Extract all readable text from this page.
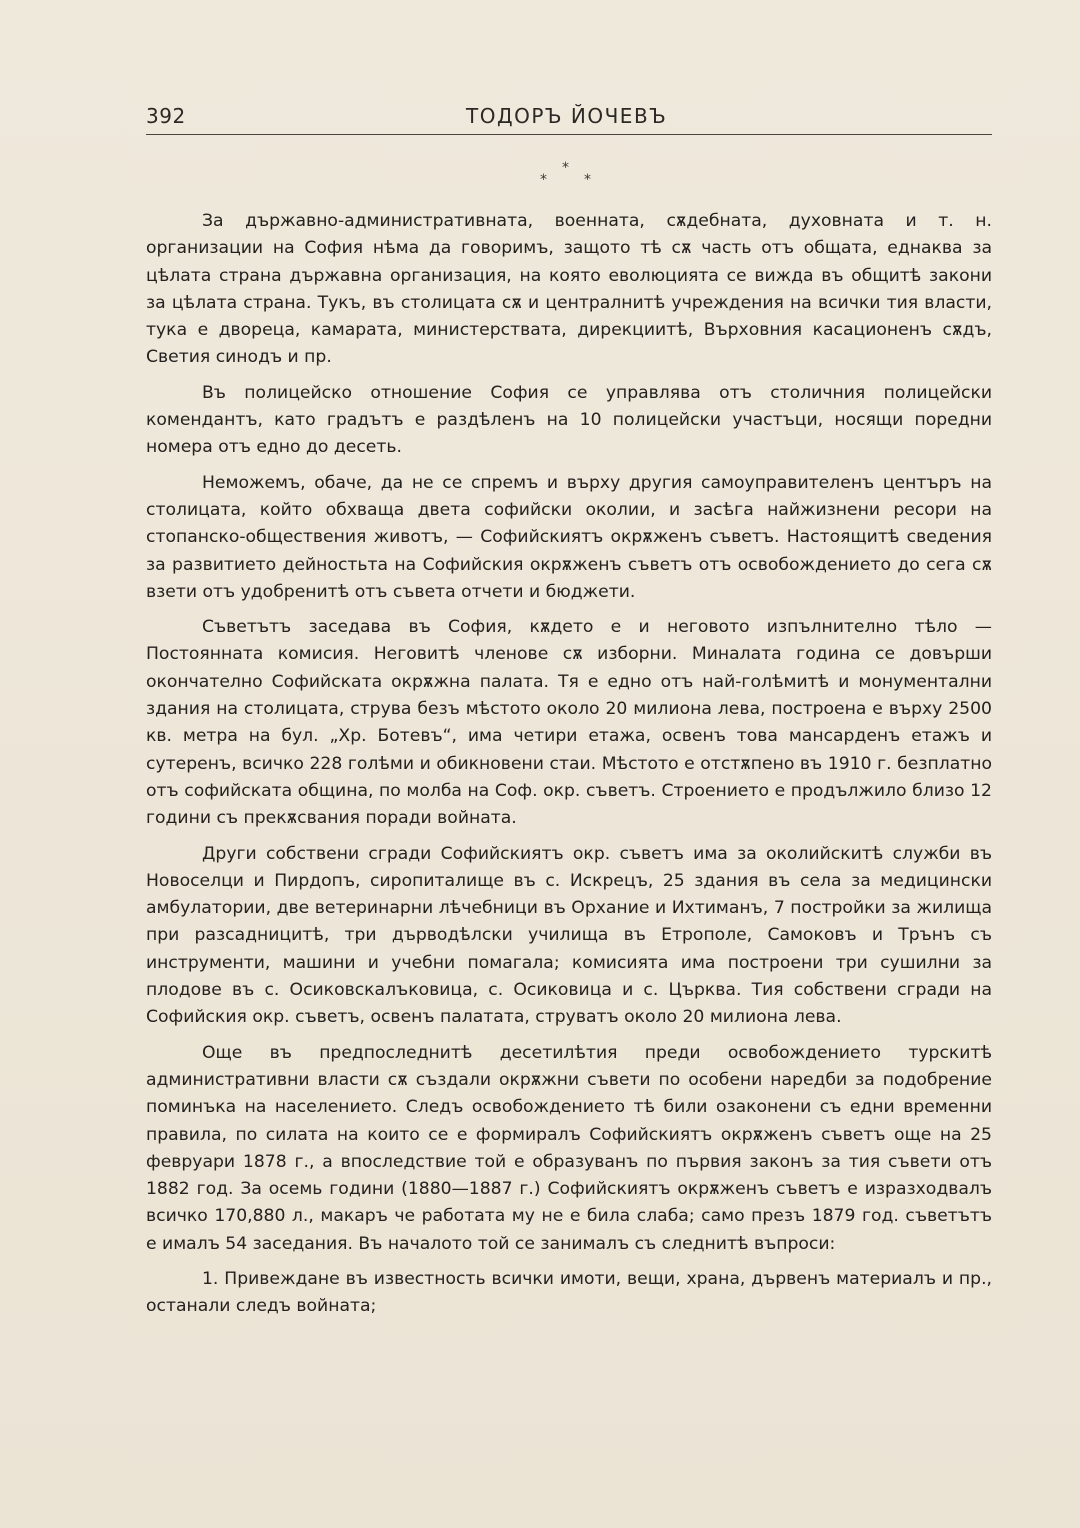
392	ТОДОРЪ ЙОЧЕВЪ
*
*
*

За държавно-административната, военната, сѫдебната, духовната и т. н. организации на София нѣма да говоримъ, защото тѣ сѫ часть отъ общата, еднаква за цѣлата страна държавна организация, на която еволюцията се вижда въ общитѣ закони за цѣлата страна. Тукъ, въ столицата сѫ и централнитѣ учреждения на всички тия власти, тука е двореца, камарата, министерствата, дирекциитѣ, Върховния касационенъ сѫдъ, Светия синодъ и пр.

Въ полицейско отношение София се управлява отъ столичния полицейски комендантъ, като градътъ е раздѣленъ на 10 полицейски участъци, носящи поредни номера отъ едно до десеть.

Неможемъ, обаче, да не се спремъ и върху другия самоуправителенъ центъръ на столицата, който обхваща двета софийски околии, и засѣга найжизнени ресори на стопанско-обществения животъ, — Софийскиятъ окрѫженъ съветъ. Настоящитѣ сведения за развитието дейностьта на Софийския окрѫженъ съветъ отъ освобождението до сега сѫ взети отъ удобренитѣ отъ съвета отчети и бюджети.

Съветътъ заседава въ София, кѫдето е и неговото изпълнително тѣло — Постоянната комисия. Неговитѣ членове сѫ изборни. Миналата година се довърши окончателно Софийската окрѫжна палата. Тя е едно отъ най-голѣмитѣ и монументални здания на столицата, струва безъ мѣстото около 20 милиона лева, построена е върху 2500 кв. метра на бул. „Хр. Ботевъ“, има четири етажа, освенъ това мансарденъ етажъ и сутеренъ, всичко 228 голѣми и обикновени стаи. Мѣстото е отстѫпено въ 1910 г. безплатно отъ софийската община, по молба на Соф. окр. съветъ. Строението е продължило близо 12 години съ прекѫсвания поради войната.

Други собствени сгради Софийскиятъ окр. съветъ има за околийскитѣ служби въ Новоселци и Пирдопъ, сиропиталище въ с. Искрецъ, 25 здания въ села за медицински амбулатории, две ветеринарни лѣчебници въ Орхание и Ихтиманъ, 7 постройки за жилища при разсадницитѣ, три дърводѣлски училища въ Етрополе, Самоковъ и Трънъ съ инструменти, машини и учебни помагала; комисията има построени три сушилни за плодове въ с. Осиковскалъковица, с. Осиковица и с. Църква. Тия собствени сгради на Софийския окр. съветъ, освенъ палатата, струватъ около 20 милиона лева.

Още въ предпоследнитѣ десетилѣтия преди освобождението турскитѣ административни власти сѫ създали окрѫжни съвети по особени наредби за подобрение поминъка на населението. Следъ освобождението тѣ били озаконени съ едни временни правила, по силата на които се е формиралъ Софийскиятъ окрѫженъ съветъ още на 25 февруари 1878 г., а впоследствие той е образуванъ по първия законъ за тия съвети отъ 1882 год. За осемь години (1880—1887 г.) Софийскиятъ окрѫженъ съветъ е изразходвалъ всичко 170,880 л., макаръ че работата му не е била слаба; само презъ 1879 год. съветътъ е ималъ 54 заседания. Въ началото той се занималъ съ следнитѣ въпроси:

1. Привеждане въ известность всички имоти, вещи, храна, дървенъ материалъ и пр., останали следъ войната;
